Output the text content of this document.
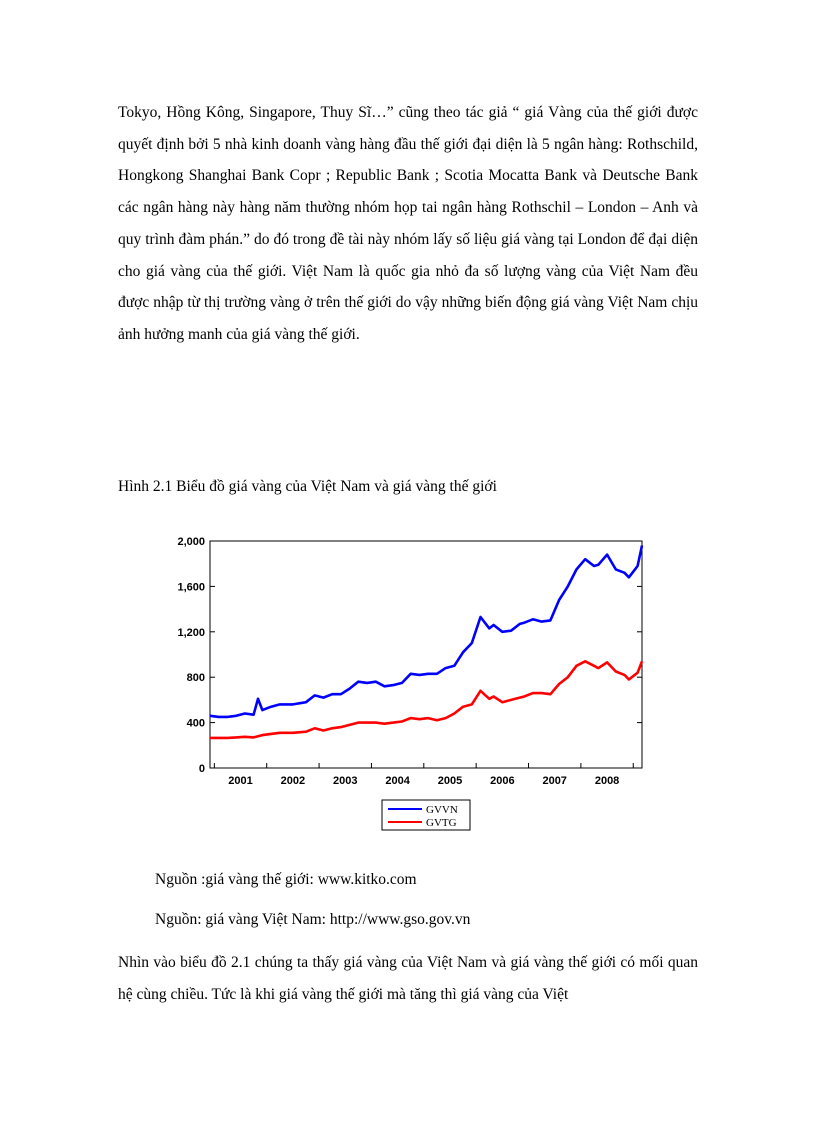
Tokyo, Hồng Kông, Singapore, Thuy Sĩ…” cũng theo tác giả “ giá Vàng của thế giới được quyết định bởi 5 nhà kinh doanh vàng hàng đầu thế giới đại diện là 5 ngân hàng: Rothschild, Hongkong Shanghai Bank Copr ; Republic Bank ; Scotia Mocatta Bank và Deutsche Bank các ngân hàng này hàng năm thường nhóm họp tai ngân hàng Rothschil – London – Anh và quy trình đàm phán.” do đó trong đề tài này nhóm lấy số liệu giá vàng tại London để đại diện cho giá vàng của thế giới. Việt Nam là quốc gia nhỏ đa số lượng vàng của Việt Nam đều được nhập từ thị trường vàng ở trên thế giới do vậy những biến động giá vàng Việt Nam chịu ảnh hưởng manh của giá vàng thế giới.

Hình 2.1 Biểu đồ giá vàng của Việt Nam và giá vàng thế giới

0
400
800
1,200
1,600
2,000
2001	2002	2003	2004	2005	2006	2007	2008
GVVN
GVTG

Nguồn :giá vàng thế giới: www.kitko.com

Nguồn: giá vàng Việt Nam: http://www.gso.gov.vn

Nhìn vào biểu đồ 2.1 chúng ta thấy giá vàng của Việt Nam và giá vàng thế giới có mối quan hệ cùng chiều. Tức là khi giá vàng thế giới mà tăng thì giá vàng của Việt
